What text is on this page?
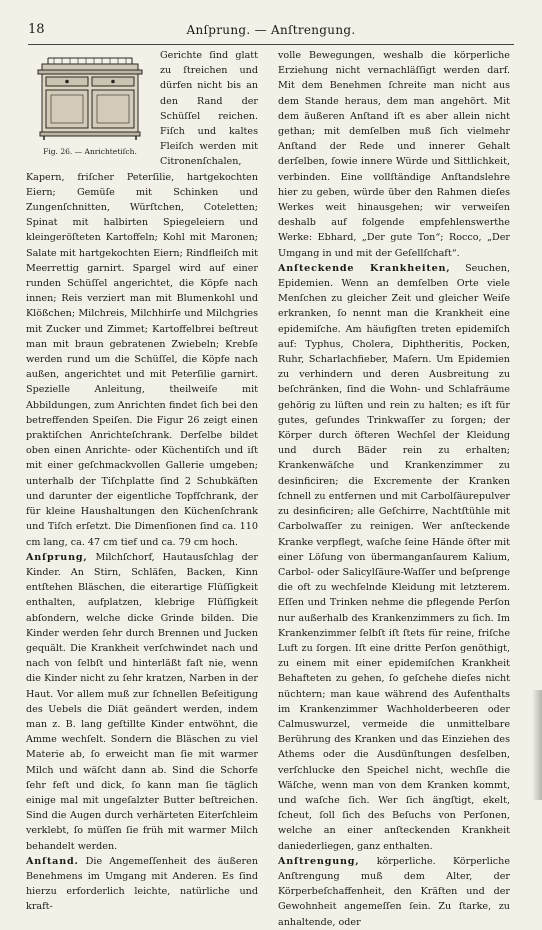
18	Anſprung. — Anſtrengung.
Fig. 26. — Anrichtetiſch.

Gerichte ſind glatt zu ſtreichen und dürfen nicht bis an den Rand der Schüſſel reichen. Fiſch und kaltes Fleiſch werden mit Citronenſchalen, Kapern, friſcher Peterſilie, hartgekochten Eiern; Gemüſe mit Schinken und Zungenſchnitten, Würſtchen, Coteletten; Spinat mit halbirten Spiegeleiern und kleingeröſteten Kartoffeln; Kohl mit Maronen; Salate mit hartgekochten Eiern; Rindfleiſch mit Meerrettig garnirt. Spargel wird auf einer runden Schüſſel angerichtet, die Köpfe nach innen; Reis verziert man mit Blumenkohl und Klößchen; Milchreis, Milchhirſe und Milchgries mit Zucker und Zimmet; Kartoffelbrei beſtreut man mit braun gebratenen Zwiebeln; Krebſe werden rund um die Schüſſel, die Köpfe nach außen, angerichtet und mit Peterſilie garnirt. Spezielle Anleitung, theilweiſe mit Abbildungen, zum Anrichten findet ſich bei den betreffenden Speiſen. Die Figur 26 zeigt einen praktiſchen Anrichteſchrank. Derſelbe bildet oben einen Anrichte- oder Küchentiſch und iſt mit einer geſchmackvollen Gallerie umgeben; unterhalb der Tiſchplatte ſind 2 Schubkäſten und darunter der eigentliche Topfſchrank, der für kleine Haushaltungen den Küchenſchrank und Tiſch erſetzt. Die Dimenſionen ſind ca. 110 cm lang, ca. 47 cm tief und ca. 79 cm hoch.

Anſprung, Milchſchorf, Hautausſchlag der Kinder. An Stirn, Schläfen, Backen, Kinn entſtehen Bläschen, die eiterartige Flüſſigkeit enthalten, aufplatzen, klebrige Flüſſigkeit abſondern, welche dicke Grinde bilden. Die Kinder werden ſehr durch Brennen und Jucken gequält. Die Krankheit verſchwindet nach und nach von ſelbſt und hinterläßt faſt nie, wenn die Kinder nicht zu ſehr kratzen, Narben in der Haut. Vor allem muß zur ſchnellen Beſeitigung des Uebels die Diät geändert werden, indem man z. B. lang geſtillte Kinder entwöhnt, die Amme wechſelt. Sondern die Bläschen zu viel Materie ab, ſo erweicht man ſie mit warmer Milch und wäſcht dann ab. Sind die Schorfe ſehr feſt und dick, ſo kann man ſie täglich einige mal mit ungeſalzter Butter beſtreichen. Sind die Augen durch verhärteten Eiterſchleim verklebt, ſo müſſen ſie früh mit warmer Milch behandelt werden.

Anſtand. Die Angemeſſenheit des äußeren Benehmens im Umgang mit Anderen. Es ſind hierzu erforderlich leichte, natürliche und kraft-

volle Bewegungen, weshalb die körperliche Erziehung nicht vernachläſſigt werden darf. Mit dem Benehmen ſchreite man nicht aus dem Stande heraus, dem man angehört. Mit dem äußeren Anſtand iſt es aber allein nicht gethan; mit demſelben muß ſich vielmehr Anſtand der Rede und innerer Gehalt derſelben, ſowie innere Würde und Sittlichkeit, verbinden. Eine vollſtändige Anſtandslehre hier zu geben, würde über den Rahmen dieſes Werkes weit hinausgehen; wir verweiſen deshalb auf folgende empfehlenswerthe Werke: Ebhard, „Der gute Ton“; Rocco, „Der Umgang in und mit der Geſellſchaft“.

Anſteckende Krankheiten, Seuchen, Epidemien. Wenn an demſelben Orte viele Menſchen zu gleicher Zeit und gleicher Weiſe erkranken, ſo nennt man die Krankheit eine epidemiſche. Am häufigſten treten epidemiſch auf: Typhus, Cholera, Diphtheritis, Pocken, Ruhr, Scharlachfieber, Maſern. Um Epidemien zu verhindern und deren Ausbreitung zu beſchränken, ſind die Wohn- und Schlafräume gehörig zu lüften und rein zu halten; es iſt für gutes, geſundes Trinkwaſſer zu ſorgen; der Körper durch öfteren Wechſel der Kleidung und durch Bäder rein zu erhalten; Krankenwäſche und Krankenzimmer zu desinficiren; die Excremente der Kranken ſchnell zu entfernen und mit Carbolſäurepulver zu desinficiren; alle Geſchirre, Nachtſtühle mit Carbolwaſſer zu reinigen. Wer anſteckende Kranke verpflegt, waſche ſeine Hände öfter mit einer Löſung von übermanganſaurem Kalium, Carbol- oder Salicylſäure-Waſſer und beſprenge die oft zu wechſelnde Kleidung mit letzterem. Eſſen und Trinken nehme die pflegende Perſon nur außerhalb des Krankenzimmers zu ſich. Im Krankenzimmer ſelbſt iſt ſtets für reine, friſche Luft zu ſorgen. Iſt eine dritte Perſon genöthigt, zu einem mit einer epidemiſchen Krankheit Behafteten zu gehen, ſo geſchehe dieſes nicht nüchtern; man kaue während des Aufenthalts im Krankenzimmer Wachholderbeeren oder Calmuswurzel, vermeide die unmittelbare Berührung des Kranken und das Einziehen des Athems oder die Ausdünſtungen desſelben, verſchlucke den Speichel nicht, wechſle die Wäſche, wenn man von dem Kranken kommt, und waſche ſich. Wer ſich ängſtigt, ekelt, ſcheut, ſoll ſich des Beſuchs von Perſonen, welche an einer anſteckenden Krankheit daniederliegen, ganz enthalten.

Anſtrengung, körperliche. Körperliche Anſtrengung muß dem Alter, der Körperbeſchaffenheit, den Kräften und der Gewohnheit angemeſſen ſein. Zu ſtarke, zu anhaltende, oder
